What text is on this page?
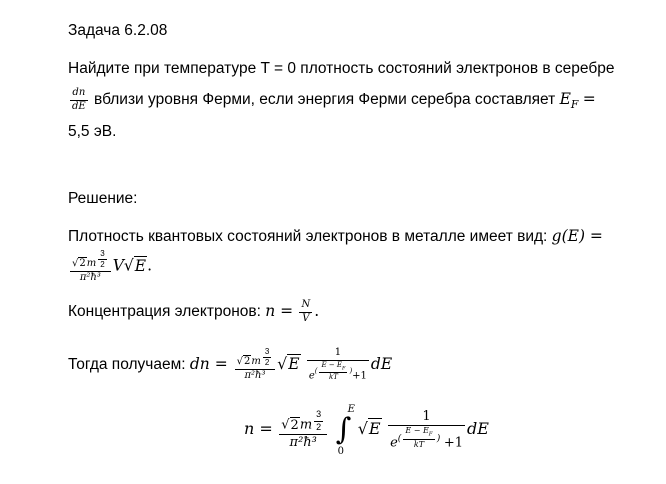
Задача 6.2.08
Найдите при температуре T = 0 плотность состояний электронов в серебре
$\frac{dn}{dE}$ вблизи уровня Ферми, если энергия Ферми серебра составляет $E_F$ =
5,5 эВ.
Решение:
Плотность квантовых состояний электронов в металле имеет вид: g(E) =
√2m $^{\frac{3}{2}}$
π²ħ³ V√E.
Концентрация электронов: $n = \frac{N}{V}$ .
Тогда получаем: dn = √2m $^{\frac{3}{2}}$
π²ħ³ √E 1
$e^{( \frac{E - E_F}{kT} )}+1$ dE
n = √2m $^{\frac{3}{2}}$
π²ħ³ ∫
E
0
√E 1
$e^{( \frac{E - E_F}{kT} )} +1$ dE
